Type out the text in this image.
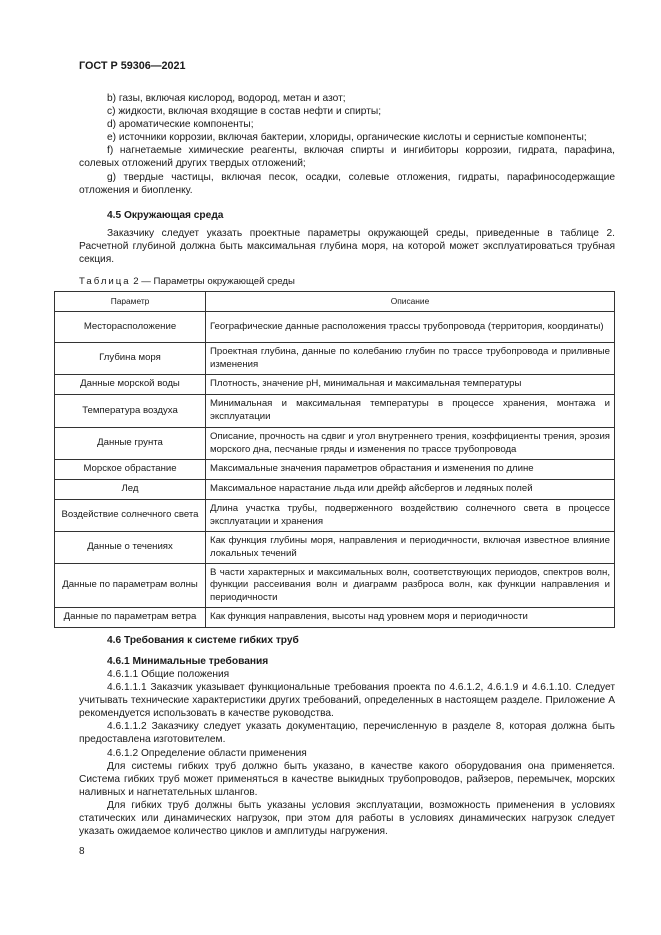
ГОСТ Р 59306—2021
b) газы, включая кислород, водород, метан и азот;
c) жидкости, включая входящие в состав нефти и спирты;
d) ароматические компоненты;
e) источники коррозии, включая бактерии, хлориды, органические кислоты и сернистые компоненты;
f) нагнетаемые химические реагенты, включая спирты и ингибиторы коррозии, гидрата, парафина, солевых отложений других твердых отложений;
g) твердые частицы, включая песок, осадки, солевые отложения, гидраты, парафиносодержащие отложения и биопленку.
4.5 Окружающая среда
Заказчику следует указать проектные параметры окружающей среды, приведенные в таблице 2. Расчетной глубиной должна быть максимальная глубина моря, на которой может эксплуатироваться трубная секция.
Таблица 2 — Параметры окружающей среды
Параметр	Описание
Месторасположение	Географические данные расположения трассы трубопровода (территория, координаты)
Глубина моря	Проектная глубина, данные по колебанию глубин по трассе трубопровода и приливные изменения
Данные морской воды	Плотность, значение pH, минимальная и максимальная температуры
Температура воздуха	Минимальная и максимальная температуры в процессе хранения, монтажа и эксплуатации
Данные грунта	Описание, прочность на сдвиг и угол внутреннего трения, коэффициенты трения, эрозия морского дна, песчаные гряды и изменения по трассе трубопровода
Морское обрастание	Максимальные значения параметров обрастания и изменения по длине
Лед	Максимальное нарастание льда или дрейф айсбергов и ледяных полей
Воздействие солнечного света	Длина участка трубы, подверженного воздействию солнечного света в процессе эксплуатации и хранения
Данные о течениях	Как функция глубины моря, направления и периодичности, включая известное влияние локальных течений
Данные по параметрам волны	В части характерных и максимальных волн, соответствующих периодов, спектров волн, функции рассеивания волн и диаграмм разброса волн, как функции направления и периодичности
Данные по параметрам ветра	Как функция направления, высоты над уровнем моря и периодичности
4.6 Требования к системе гибких труб
4.6.1 Минимальные требования
4.6.1.1 Общие положения
4.6.1.1.1 Заказчик указывает функциональные требования проекта по 4.6.1.2, 4.6.1.9 и 4.6.1.10. Следует учитывать технические характеристики других требований, определенных в настоящем разделе. Приложение А рекомендуется использовать в качестве руководства.
4.6.1.1.2 Заказчику следует указать документацию, перечисленную в разделе 8, которая должна быть предоставлена изготовителем.
4.6.1.2 Определение области применения
Для системы гибких труб должно быть указано, в качестве какого оборудования она применяется. Система гибких труб может применяться в качестве выкидных трубопроводов, райзеров, перемычек, морских наливных и нагнетательных шлангов.
Для гибких труб должны быть указаны условия эксплуатации, возможность применения в условиях статических или динамических нагрузок, при этом для работы в условиях динамических нагрузок следует указать ожидаемое количество циклов и амплитуды нагружения.
8
